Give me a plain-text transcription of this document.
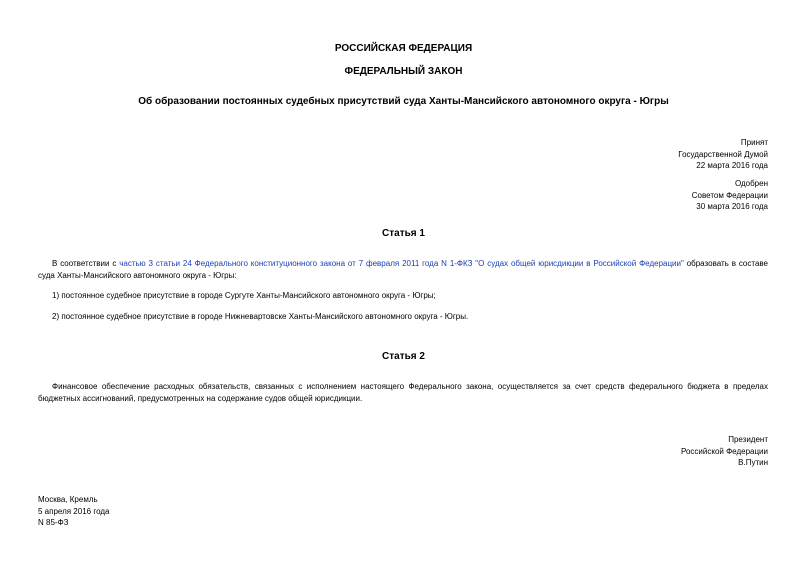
РОССИЙСКАЯ ФЕДЕРАЦИЯ
ФЕДЕРАЛЬНЫЙ ЗАКОН
Об образовании постоянных судебных присутствий суда Ханты-Мансийского автономного округа - Югры
Принят
Государственной Думой
22 марта 2016 года
Одобрен
Советом Федерации
30 марта 2016 года
Статья 1
В соответствии с частью 3 статьи 24 Федерального конституционного закона от 7 февраля 2011 года N 1-ФКЗ "О судах общей юрисдикции в Российской Федерации" образовать в составе суда Ханты-Мансийского автономного округа - Югры:
1) постоянное судебное присутствие в городе Сургуте Ханты-Мансийского автономного округа - Югры;
2) постоянное судебное присутствие в городе Нижневартовске Ханты-Мансийского автономного округа - Югры.
Статья 2
Финансовое обеспечение расходных обязательств, связанных с исполнением настоящего Федерального закона, осуществляется за счет средств федерального бюджета в пределах бюджетных ассигнований, предусмотренных на содержание судов общей юрисдикции.
Президент
Российской Федерации
В.Путин
Москва, Кремль
5 апреля 2016 года
N 85-ФЗ
